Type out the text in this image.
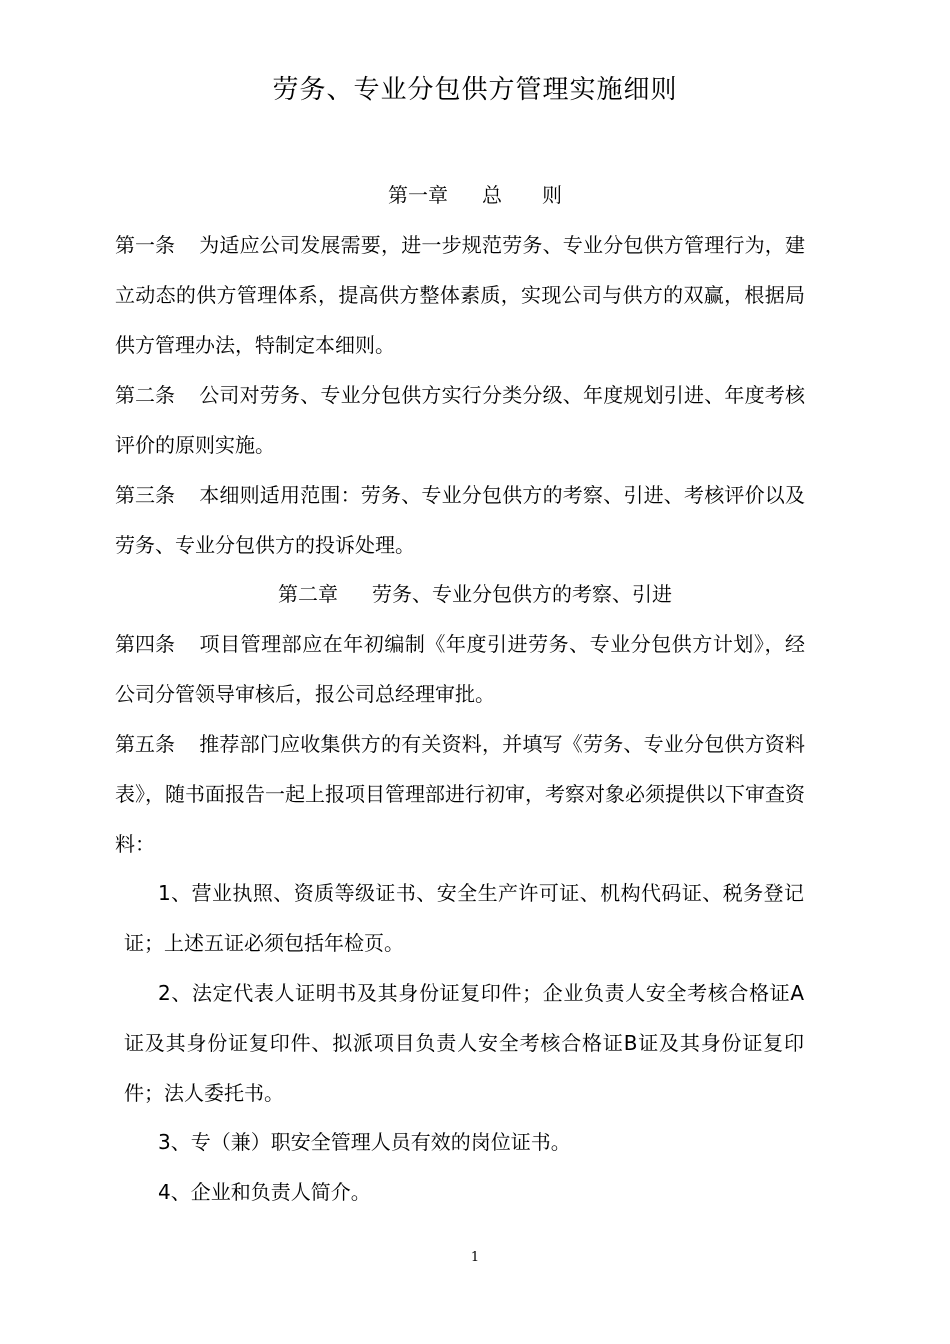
劳务、专业分包供方管理实施细则
第一章 总　　则
第一条 为适应公司发展需要，进一步规范劳务、专业分包供方管理行为，建立动态的供方管理体系，提高供方整体素质，实现公司与供方的双赢，根据局供方管理办法，特制定本细则。
第二条 公司对劳务、专业分包供方实行分类分级、年度规划引进、年度考核评价的原则实施。
第三条 本细则适用范围：劳务、专业分包供方的考察、引进、考核评价以及劳务、专业分包供方的投诉处理。
第二章 劳务、专业分包供方的考察、引进
第四条 项目管理部应在年初编制《年度引进劳务、专业分包供方计划》，经公司分管领导审核后，报公司总经理审批。
第五条 推荐部门应收集供方的有关资料，并填写《劳务、专业分包供方资料表》，随书面报告一起上报项目管理部进行初审，考察对象必须提供以下审查资料：
1、营业执照、资质等级证书、安全生产许可证、机构代码证、税务登记证；上述五证必须包括年检页。
2、法定代表人证明书及其身份证复印件；企业负责人安全考核合格证A证及其身份证复印件、拟派项目负责人安全考核合格证B证及其身份证复印件；法人委托书。
3、专（兼）职安全管理人员有效的岗位证书。
4、企业和负责人简介。
1
